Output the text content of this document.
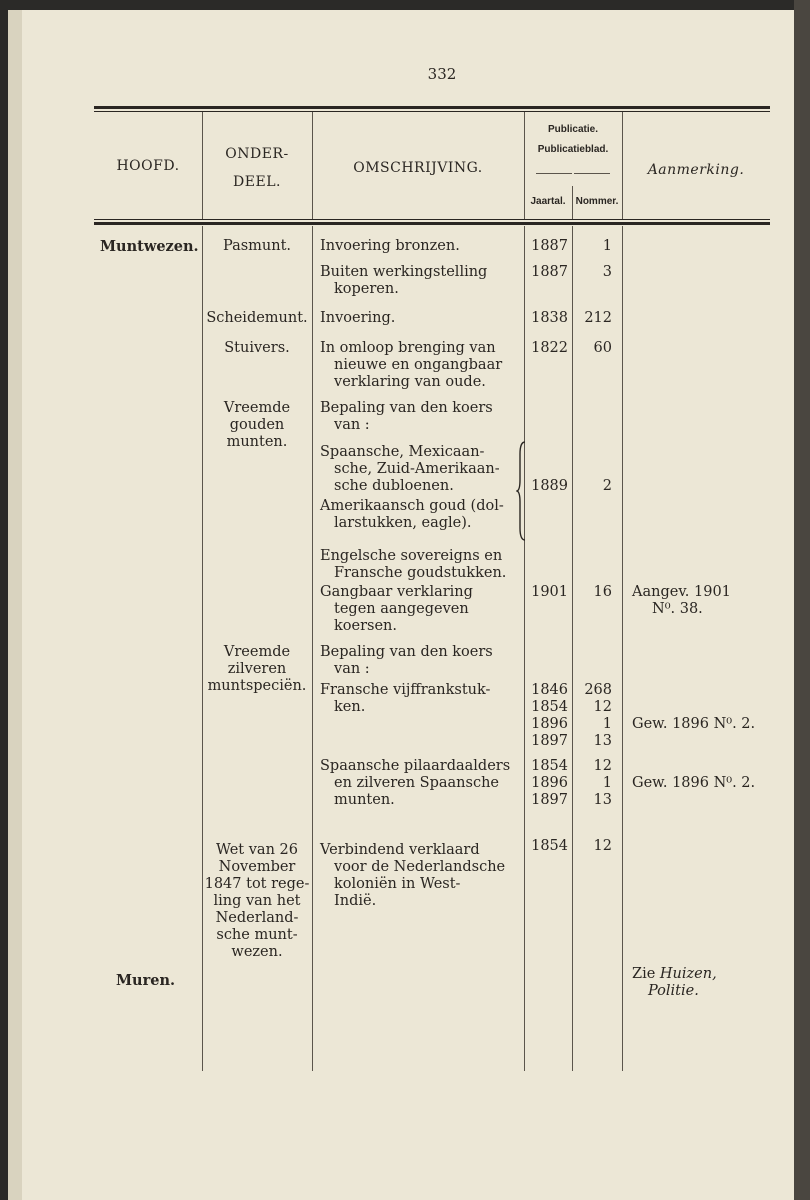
332
HOOFD.
ONDER-
DEEL.
OMSCHRIJVING.
Publicatie.
Publicatieblad.
Jaartal.	Nommer.
Aanmerking.
Muntwezen.
Muren.
Pasmunt.
Scheidemunt.
Stuivers.
Vreemde
gouden
munten.
Vreemde
zilveren
muntspeciën.
Wet van 26
November
1847 tot rege-
ling van het
Nederland-
sche munt-
wezen.
Invoering bronzen.
Buiten werkingstelling
koperen.
Invoering.
In omloop brenging van
nieuwe en ongangbaar
verklaring van oude.
Bepaling van den koers
van :
Spaansche, Mexicaan-
sche, Zuid-Amerikaan-
sche dubloenen.
Amerikaansch goud (dol-
larstukken, eagle).
Engelsche sovereigns en
Fransche goudstukken.
Gangbaar verklaring
tegen aangegeven
koersen.
Bepaling van den koers
van :
Fransche vijffrankstuk-
ken.
Spaansche pilaardaalders
en zilveren Spaansche
munten.
Verbindend verklaard
voor de Nederlandsche
koloniën in West-
Indië.
1887
1887
1838
1822
1889
1901
1846
1854
1896
1897
1854
1896
1897
1854
1
3
212
60
2
16
268
12
1
13
12
1
13
12
Aangev. 1901
N⁰. 38.
Gew. 1896 N⁰. 2.
Gew. 1896 N⁰. 2.
Zie Huizen,
Politie.
